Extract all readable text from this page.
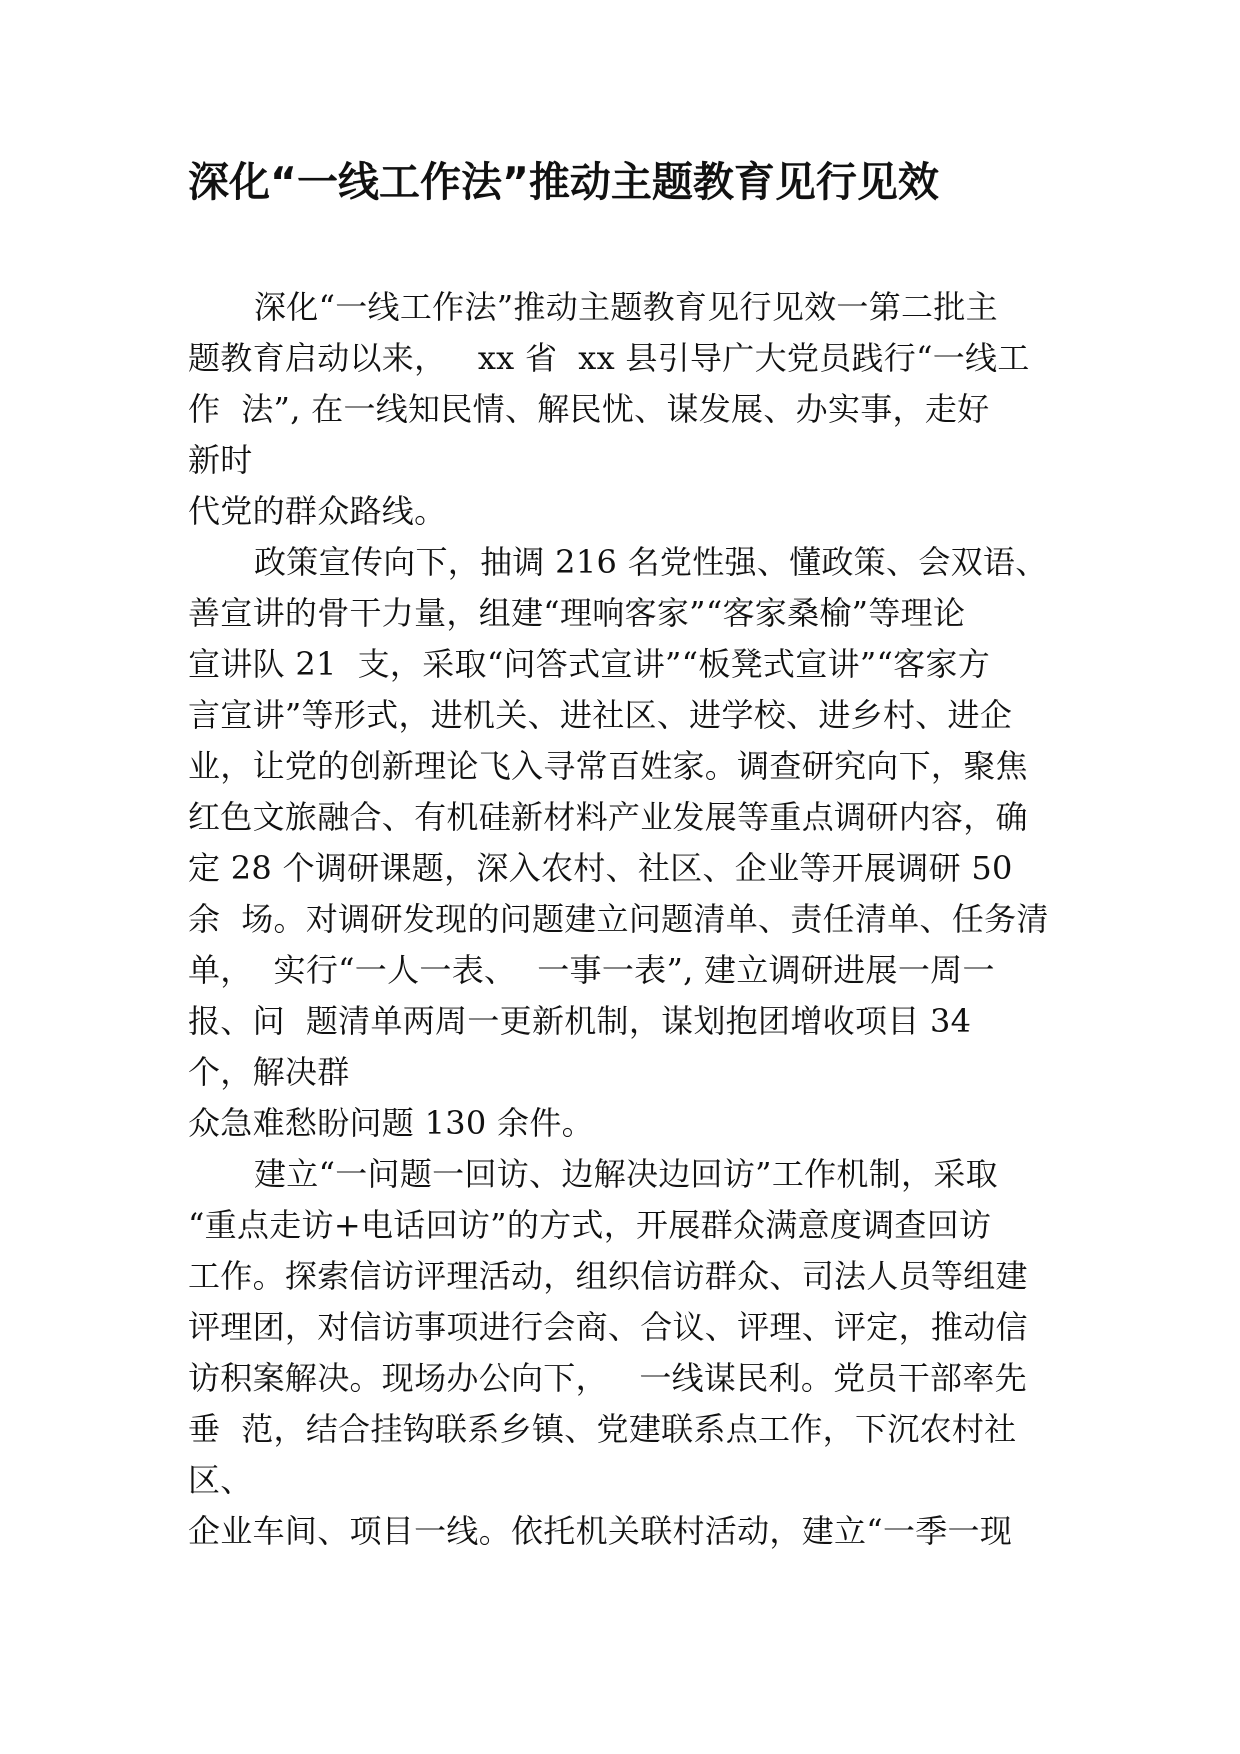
深化“一线工作法”推动主题教育见行见效
深化“一线工作法”推动主题教育见行见效一第二批主
题教育启动以来，   xx 省  xx 县引导广大党员践行“一线工
作  法”, 在一线知民情、解民忧、谋发展、办实事，走好
新时
代党的群众路线。
政策宣传向下，抽调 216 名党性强、懂政策、会双语、
善宣讲的骨干力量，组建“理响客家”“客家桑榆”等理论
宣讲队 21  支，采取“问答式宣讲”“板凳式宣讲”“客家方
言宣讲”等形式，进机关、进社区、进学校、进乡村、进企
业，让党的创新理论飞入寻常百姓家。调查研究向下，聚焦
红色文旅融合、有机硅新材料产业发展等重点调研内容，确
定 28 个调研课题，深入农村、社区、企业等开展调研 50
余  场。对调研发现的问题建立问题清单、责任清单、任务清
单，  实行“一人一表、  一事一表”, 建立调研进展一周一
报、问  题清单两周一更新机制，谋划抱团增收项目 34
个，解决群
众急难愁盼问题 130 余件。
建立“一问题一回访、边解决边回访”工作机制，采取
“重点走访+电话回访”的方式，开展群众满意度调查回访
工作。探索信访评理活动，组织信访群众、司法人员等组建
评理团，对信访事项进行会商、合议、评理、评定，推动信
访积案解决。现场办公向下，   一线谋民利。党员干部率先
垂  范，结合挂钩联系乡镇、党建联系点工作，下沉农村社
区、
企业车间、项目一线。依托机关联村活动，建立“一季一现
